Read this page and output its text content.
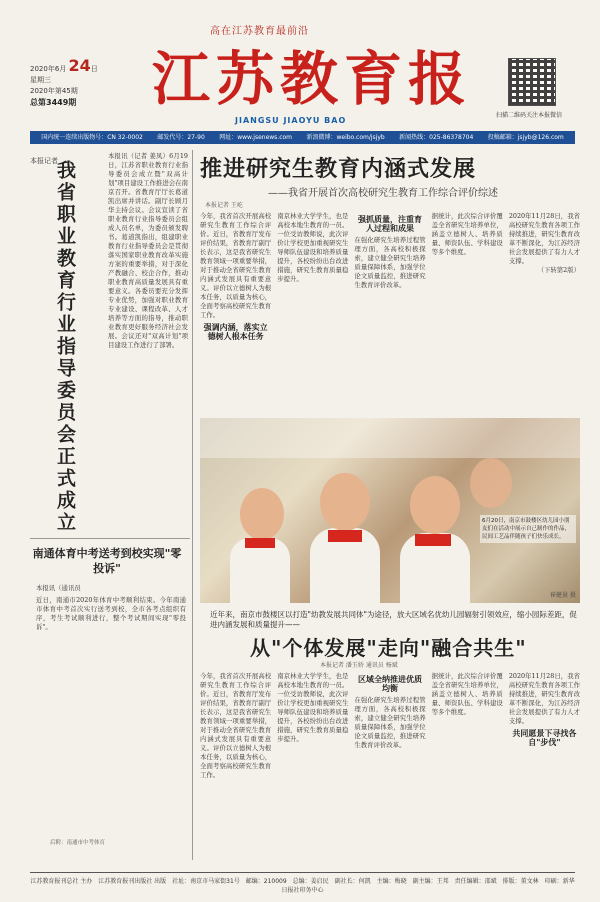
高在江苏教育最前沿
2020年6月 24日
星期三
2020年第45期
总第3449期	江苏教育报
JIANGSU JIAOYU BAO
扫描二维码关注本报微信
国内统一连续出版物号：CN 32-0002 邮发代号：27-90 网址：www.jsenews.com 新浪微博：weibo.com/jsjyb 新闻热线：025-86378704 投稿邮箱：jsjyb@126.com
本报记者
我省职业教育行业指导委员会正式成立
本报讯（记者 姜凤）6月19日，江苏省职业教育行业指导委员会成立暨"双高计划"项目建设工作推进会在南京召开。省教育厅厅长葛道凯出席并讲话。副厅长顾月华主持会议。会议宣读了省职业教育行业指导委员会组成人员名单，为委员颁发聘书。葛道凯指出，组建职业教育行业指导委员会是贯彻落实国家职业教育改革实施方案的重要举措，对于深化产教融合、校企合作，推动职业教育高质量发展具有重要意义。各委员要充分发挥专业优势，加强对职业教育专业建设、课程改革、人才培养等方面的指导，推动职业教育更好服务经济社会发展。会议还对"双高计划"项目建设工作进行了部署。
南通体育中考送考到校实现"零投诉"
本报讯（通讯员
近日，南通市2020年体育中考顺利结束。今年南通市体育中考首次实行送考到校，全市各考点组织有序，考生考试顺利进行，整个考试期间实现"零投诉"。
后附：南通市中考体育
推进研究生教育内涵式发展
——我省开展首次高校研究生教育工作综合评价综述
本报记者 王屹
今年，我省首次开展高校研究生教育工作综合评价。近日，省教育厅发布评价结果，省教育厅副厅长表示，这是我省研究生教育领域一项重要举措，对于推动全省研究生教育内涵式发展具有重要意义。评价以立德树人为根本任务，以质量为核心，全面考察高校研究生教育工作。
强调内涵，落实立德树人根本任务
南京林业大学学生，也是高校本地生教育的一员。一位受访教师说，此次评价让学校更加重视研究生导师队伍建设和培养质量提升，各校纷纷出台改进措施，研究生教育质量稳步提升。
强抓质量，注重育人过程和成果
在强化研究生培养过程管理方面，各高校积极探索，建立健全研究生培养质量保障体系，加强学位论文质量监控，推进研究生教育评价改革。
据统计，此次综合评价覆盖全省研究生培养单位，涵盖立德树人、培养质量、师资队伍、学科建设等多个维度。
2020年11月28日，我省高校研究生教育各项工作持续推进，研究生教育改革不断深化，为江苏经济社会发展提供了有力人才支撑。
（下转第2版）
6月20日，南京市鼓楼区幼儿园小朋友们在活动中展示自己制作的作品，民间工艺品伴随孩子们快乐成长。
崔健景 摄
近年来，南京市鼓楼区以打造"幼教发展共同体"为途径，放大区域名优幼儿园辐射引领效应，缩小园际差距，促进内涵发展和质量提升——
从"个体发展"走向"融合共生"
本报记者 潘玉娇 通讯员 杨斌
今年，我省首次开展高校研究生教育工作综合评价。近日，省教育厅发布评价结果，省教育厅副厅长表示，这是我省研究生教育领域一项重要举措，对于推动全省研究生教育内涵式发展具有重要意义。评价以立德树人为根本任务，以质量为核心，全面考察高校研究生教育工作。
南京林业大学学生，也是高校本地生教育的一员。一位受访教师说，此次评价让学校更加重视研究生导师队伍建设和培养质量提升，各校纷纷出台改进措施，研究生教育质量稳步提升。
区域全纳推进优质均衡
在强化研究生培养过程管理方面，各高校积极探索，建立健全研究生培养质量保障体系，加强学位论文质量监控，推进研究生教育评价改革。
据统计，此次综合评价覆盖全省研究生培养单位，涵盖立德树人、培养质量、师资队伍、学科建设等多个维度。
2020年11月28日，我省高校研究生教育各项工作持续推进，研究生教育改革不断深化，为江苏经济社会发展提供了有力人才支撑。
共同愿景下寻找各自"步伐"
江苏教育报刊总社 主办　江苏教育报刊出版社 出版　社址：南京市马家街31号　邮编：210009　总编：姜启民　副社长：何凯　主编：梅晓　副主编：王邦　责任编辑：邵斌　排版：董文林　印刷：新华日报社印务中心
